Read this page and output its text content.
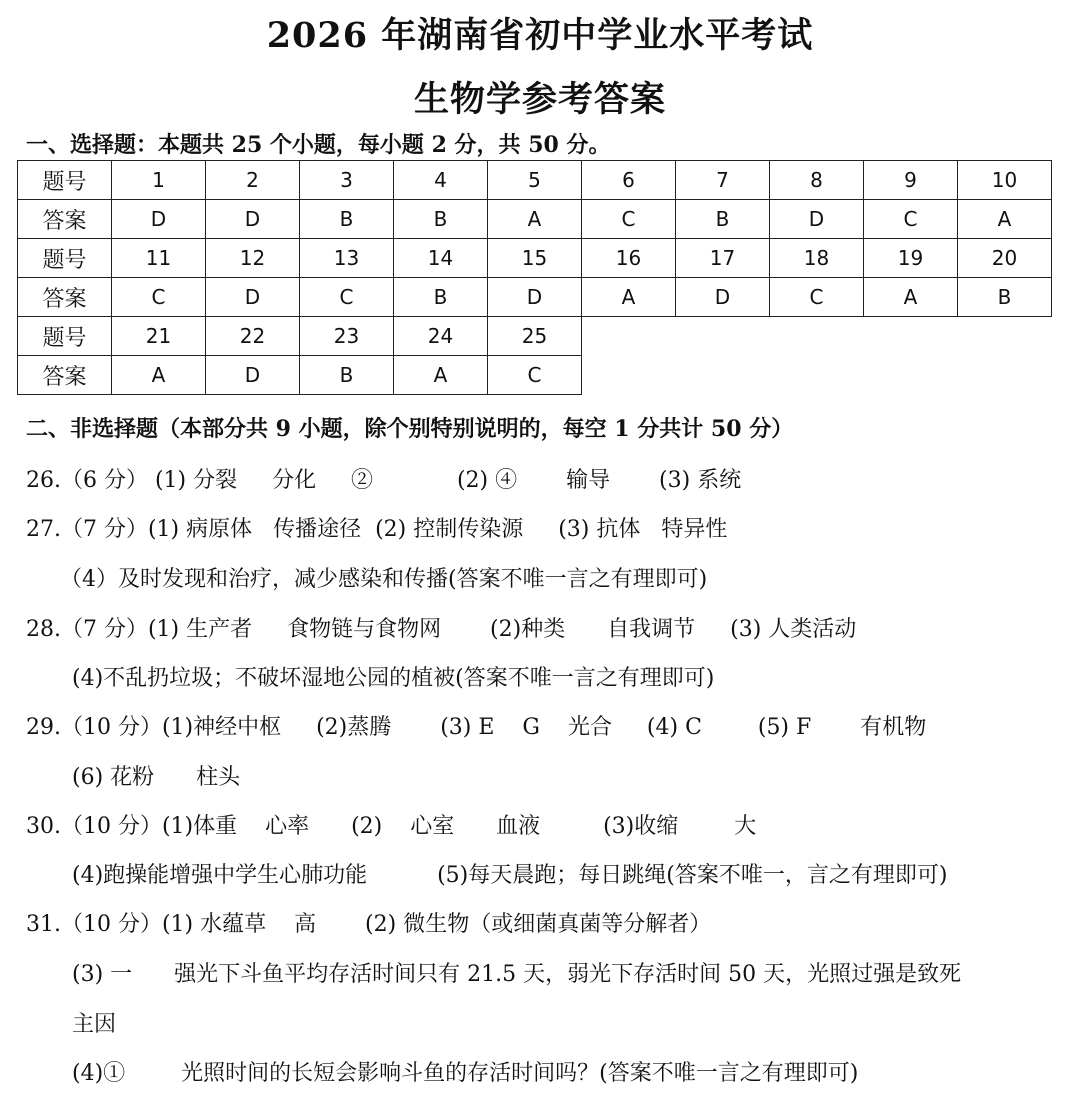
2026 年湖南省初中学业水平考试
生物学参考答案
一、选择题：本题共 25 个小题，每小题 2 分，共 50 分。
题号	1	2	3	4	5	6	7	8	9	10
答案	D	D	B	B	A	C	B	D	C	A
题号	11	12	13	14	15	16	17	18	19	20
答案	C	D	C	B	D	A	D	C	A	B
题号	21	22	23	24	25					
答案	A	D	B	A	C					
二、非选择题（本部分共 9 小题，除个别特别说明的，每空 1 分共计 50 分）
26.（6 分） (1) 分裂     分化     ②            (2) ④       输导       (3) 系统
27.（7 分）(1) 病原体   传播途径  (2) 控制传染源     (3) 抗体   特异性
（4）及时发现和治疗，减少感染和传播(答案不唯一言之有理即可)
28.（7 分）(1) 生产者     食物链与食物网       (2)种类      自我调节     (3) 人类活动
(4)不乱扔垃圾；不破坏湿地公园的植被(答案不唯一言之有理即可)
29.（10 分）(1)神经中枢     (2)蒸腾       (3) E    G    光合     (4) C        (5) F       有机物
(6) 花粉      柱头
30.（10 分）(1)体重    心率      (2)    心室      血液         (3)收缩        大
(4)跑操能增强中学生心肺功能          (5)每天晨跑；每日跳绳(答案不唯一，言之有理即可)
31.（10 分）(1) 水蕴草    高       (2) 微生物（或细菌真菌等分解者）
(3) 一      强光下斗鱼平均存活时间只有 21.5 天，弱光下存活时间 50 天，光照过强是致死
主因
(4)①        光照时间的长短会影响斗鱼的存活时间吗？(答案不唯一言之有理即可)
